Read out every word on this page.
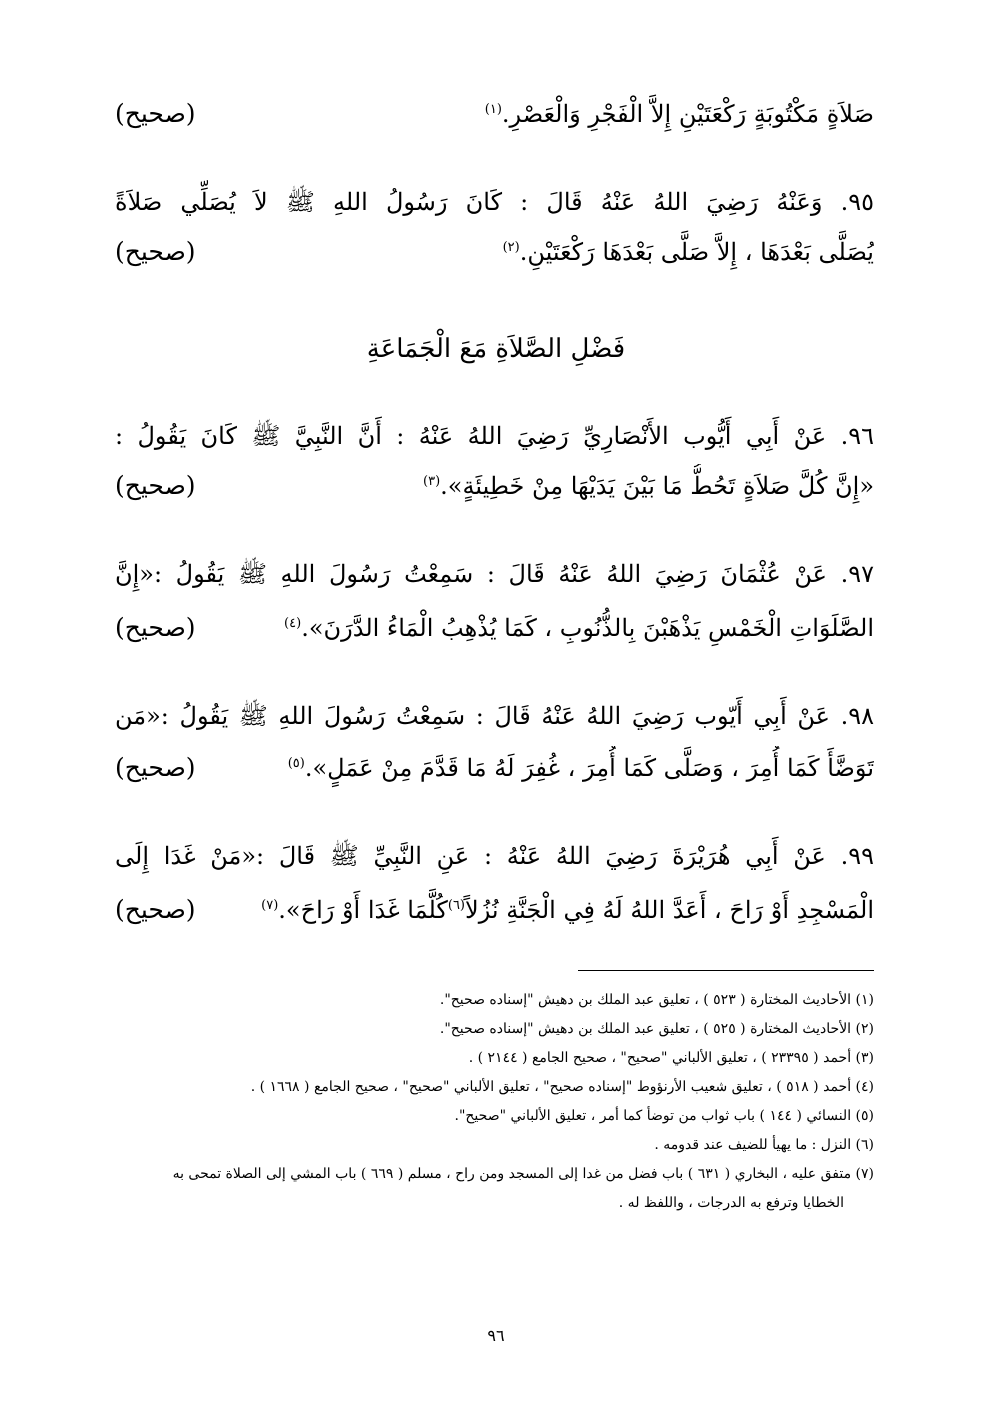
صَلاَةٍ مَكْتُوبَةٍ رَكْعَتَيْنِ إِلاَّ الْفَجْرِ وَالْعَصْرِ.$^{(١)}$
(صحيح)
٩٥. وَعَنْهُ رَضِيَ اللهُ عَنْهُ قَالَ : كَانَ رَسُولُ اللهِ ﷺ لاَ يُصَلِّي صَلاَةً
يُصَلَّى بَعْدَهَا ، إِلاَّ صَلَّى بَعْدَهَا رَكْعَتَيْنِ.$^{(٢)}$
(صحيح)
فَضْلِ الصَّلاَةِ مَعَ الْجَمَاعَةِ
٩٦. عَنْ أَبِي أَيُّوب الأَنْصَارِيِّ رَضِيَ اللهُ عَنْهُ : أَنَّ النَّبِيَّ ﷺ كَانَ يَقُولُ :
«إِنَّ كُلَّ صَلاَةٍ تَحُطُّ مَا بَيْنَ يَدَيْهَا مِنْ خَطِيئَةٍ».$^{(٣)}$
(صحيح)
٩٧. عَنْ عُثْمَانَ رَضِيَ اللهُ عَنْهُ قَالَ : سَمِعْتُ رَسُولَ اللهِ ﷺ يَقُولُ :«إِنَّ
الصَّلَوَاتِ الْخَمْسِ يَذْهَبْنَ بِالذُّنُوبِ ، كَمَا يُذْهِبُ الْمَاءُ الدَّرَنَ».$^{(٤)}$
(صحيح)
٩٨. عَنْ أَبِي أَيّوب رَضِيَ اللهُ عَنْهُ قَالَ : سَمِعْتُ رَسُولَ اللهِ ﷺ يَقُولُ :«مَن
تَوَضَّأَ كَمَا أُمِرَ ، وَصَلَّى كَمَا أُمِرَ ، غُفِرَ لَهُ مَا قَدَّمَ مِنْ عَمَلٍ».$^{(٥)}$
(صحيح)
٩٩. عَنْ أَبِي هُرَيْرَةَ رَضِيَ اللهُ عَنْهُ : عَنِ النَّبِيِّ ﷺ قَالَ :«مَنْ غَدَا إِلَى
الْمَسْجِدِ أَوْ رَاحَ ، أَعَدَّ اللهُ لَهُ فِي الْجَنَّةِ نُزُلاً$^{(٦)}$كُلَّمَا غَدَا أَوْ رَاحَ».$^{(٧)}$
(صحيح)
(١) الأحاديث المختارة ( ٥٢٣ ) ، تعليق عبد الملك بن دهيش "إسناده صحيح".
(٢) الأحاديث المختارة ( ٥٢٥ ) ، تعليق عبد الملك بن دهيش "إسناده صحيح".
(٣) أحمد ( ٢٣٣٩٥ ) ، تعليق الألباني "صحيح" ، صحيح الجامع ( ٢١٤٤ ) .
(٤) أحمد ( ٥١٨ ) ، تعليق شعيب الأرنؤوط "إسناده صحيح" ، تعليق الألباني "صحيح" ، صحيح الجامع ( ١٦٦٨ ) .
(٥) النسائي ( ١٤٤ ) باب ثواب من توضأ كما أمر ، تعليق الألباني "صحيح".
(٦) النزل : ما يهيأ للضيف عند قدومه .
(٧) متفق عليه ، البخاري ( ٦٣١ ) باب فضل من غدا إلى المسجد ومن راح ، مسلم ( ٦٦٩ ) باب المشي إلى الصلاة تمحى به
الخطايا وترفع به الدرجات ، واللفظ له .
٩٦
